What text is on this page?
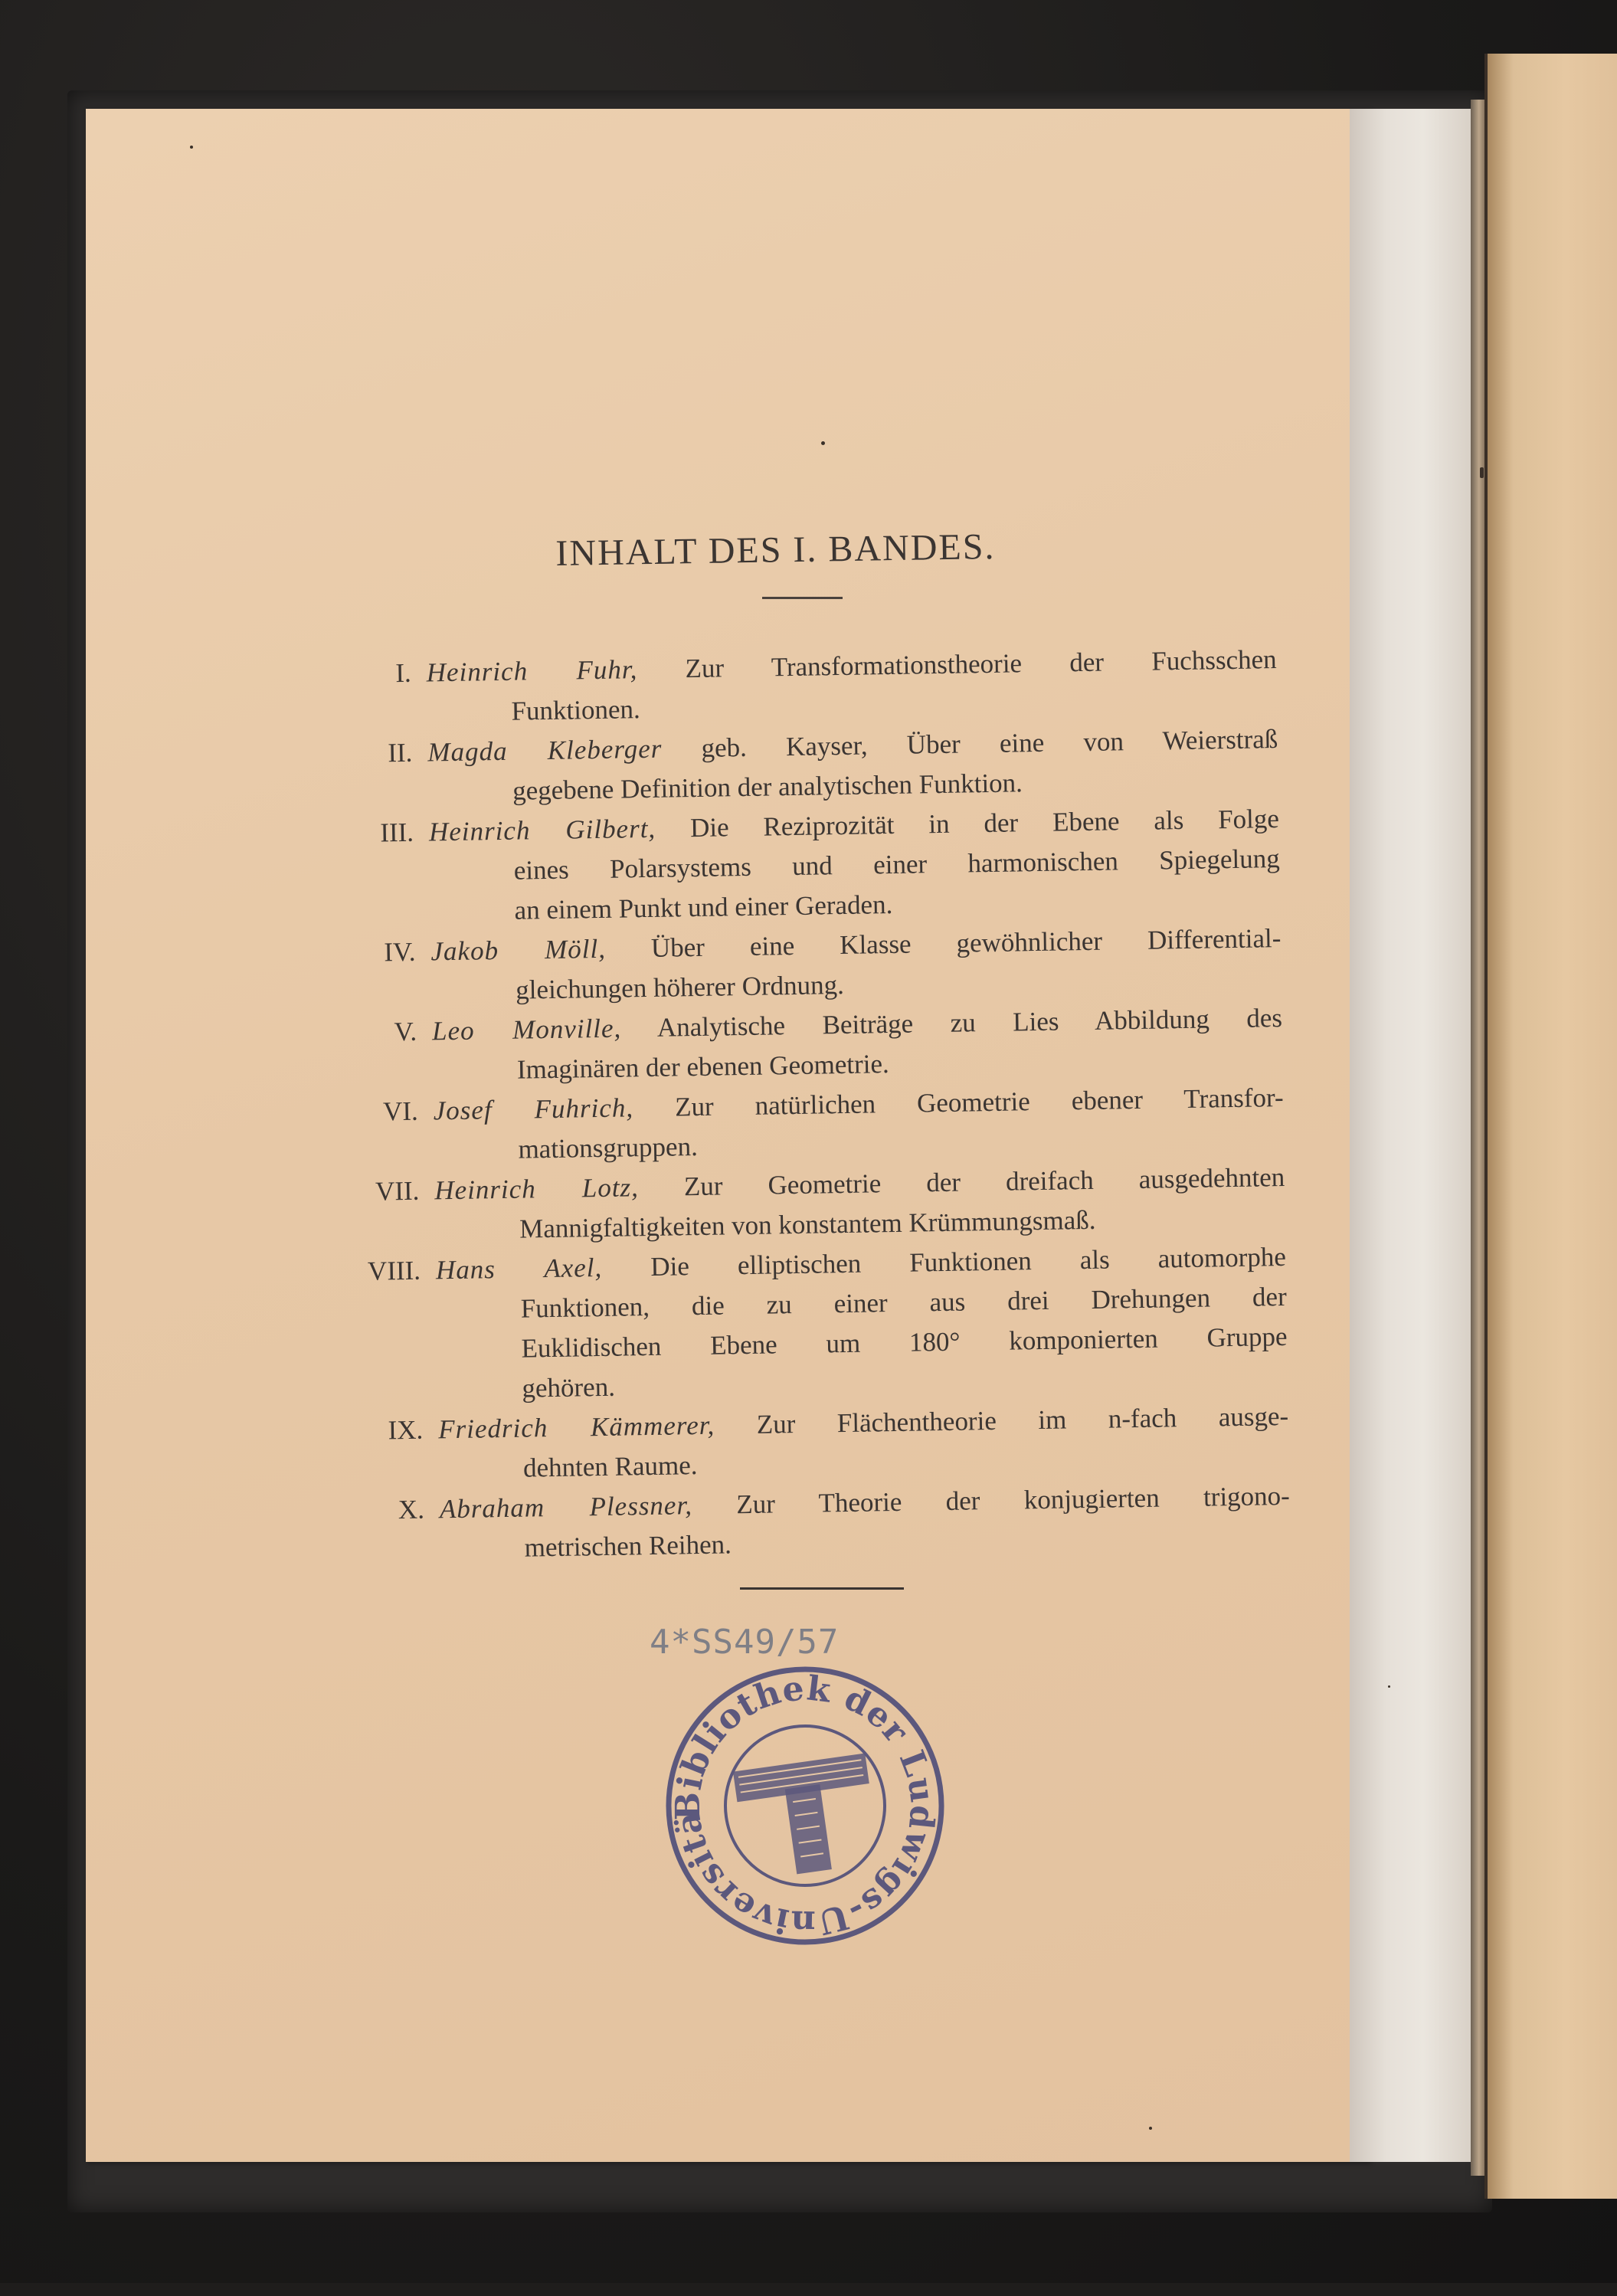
INHALT DES I. BANDES.
I. Heinrich Fuhr, Zur Transformationstheorie der Fuchsschen
Funktionen.
II. Magda Kleberger geb. Kayser, Über eine von Weierstraß
gegebene Definition der analytischen Funktion.
III. Heinrich Gilbert, Die Reziprozität in der Ebene als Folge
eines Polarsystems und einer harmonischen Spiegelung
an einem Punkt und einer Geraden.
IV. Jakob Möll, Über eine Klasse gewöhnlicher Differential-
gleichungen höherer Ordnung.
V. Leo Monville, Analytische Beiträge zu Lies Abbildung des
Imaginären der ebenen Geometrie.
VI. Josef Fuhrich, Zur natürlichen Geometrie ebener Transfor-
mationsgruppen.
VII. Heinrich Lotz, Zur Geometrie der dreifach ausgedehnten
Mannigfaltigkeiten von konstantem Krümmungsmaß.
VIII. Hans Axel, Die elliptischen Funktionen als automorphe
Funktionen, die zu einer aus drei Drehungen der
Euklidischen Ebene um 180° komponierten Gruppe
gehören.
IX. Friedrich Kämmerer, Zur Flächentheorie im n-fach ausge-
dehnten Raume.
X. Abraham Plessner, Zur Theorie der konjugierten trigono-
metrischen Reihen.
4*SS49/57
Bibliothek der Ludwigs-Universität
